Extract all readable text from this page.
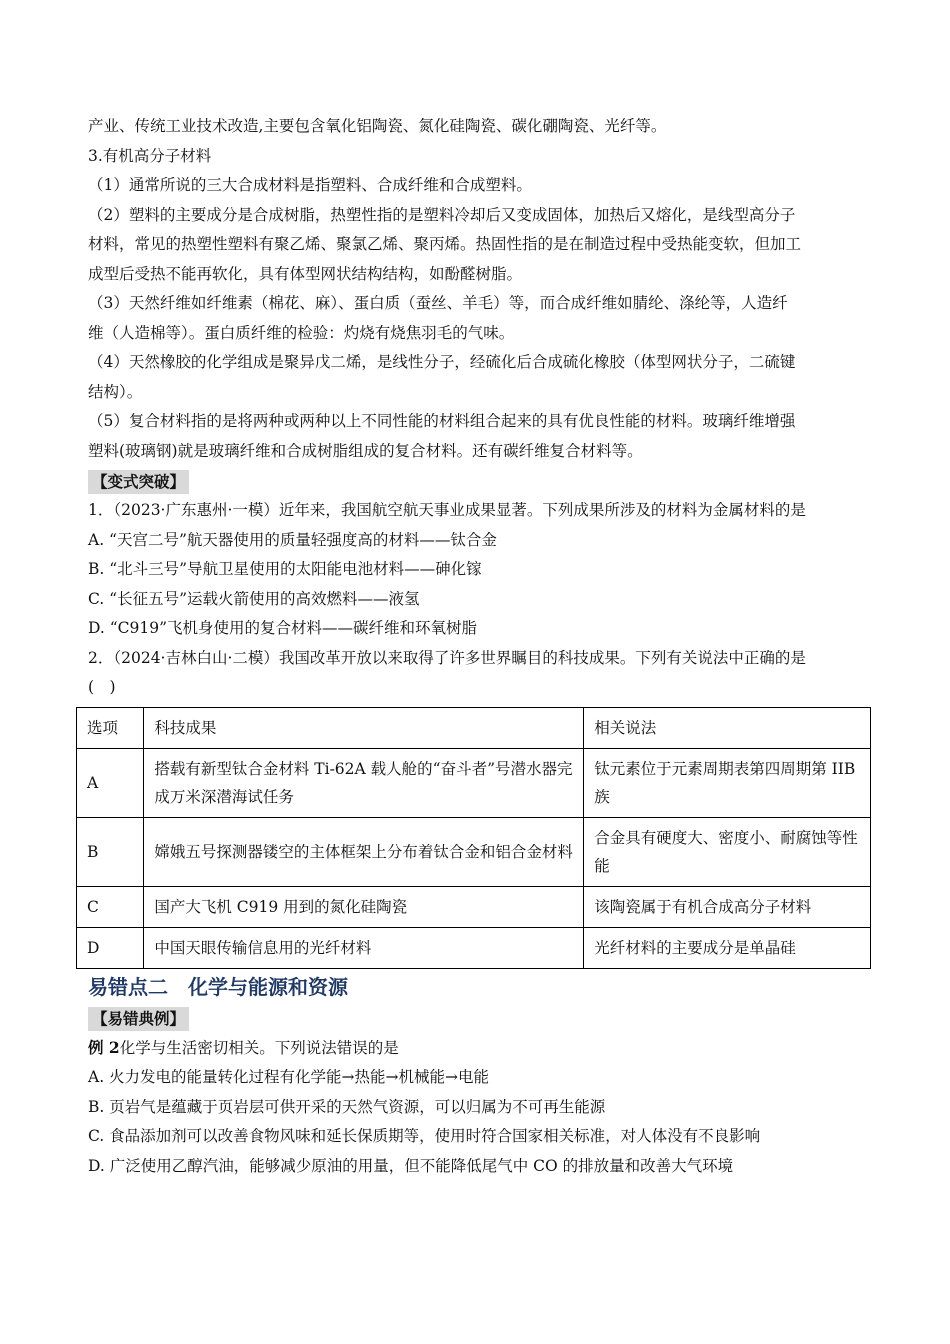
产业、传统工业技术改造,主要包含氧化铝陶瓷、氮化硅陶瓷、碳化硼陶瓷、光纤等。

3.有机高分子材料

（1）通常所说的三大合成材料是指塑料、合成纤维和合成塑料。

（2）塑料的主要成分是合成树脂，热塑性指的是塑料冷却后又变成固体，加热后又熔化，是线型高分子

材料，常见的热塑性塑料有聚乙烯、聚氯乙烯、聚丙烯。热固性指的是在制造过程中受热能变软，但加工

成型后受热不能再软化，具有体型网状结构结构，如酚醛树脂。

（3）天然纤维如纤维素（棉花、麻）、蛋白质（蚕丝、羊毛）等，而合成纤维如腈纶、涤纶等，人造纤

维（人造棉等）。蛋白质纤维的检验：灼烧有烧焦羽毛的气味。

（4）天然橡胶的化学组成是聚异戊二烯，是线性分子，经硫化后合成硫化橡胶（体型网状分子，二硫键

结构）。

（5）复合材料指的是将两种或两种以上不同性能的材料组合起来的具有优良性能的材料。玻璃纤维增强

塑料(玻璃钢)就是玻璃纤维和合成树脂组成的复合材料。还有碳纤维复合材料等。

【变式突破】

1．（2023·广东惠州·一模）近年来，我国航空航天事业成果显著。下列成果所涉及的材料为金属材料的是

A. “天宫二号”航天器使用的质量轻强度高的材料——钛合金

B. “北斗三号”导航卫星使用的太阳能电池材料——砷化镓

C. “长征五号”运载火箭使用的高效燃料——液氢

D. “C919”飞机身使用的复合材料——碳纤维和环氧树脂

2．（2024·吉林白山·二模）我国改革开放以来取得了许多世界瞩目的科技成果。下列有关说法中正确的是

(　)

选项	科技成果	相关说法
A	搭载有新型钛合金材料 Ti-62A 载人舱的“奋斗者”号潜水器完成万米深潜海试任务	钛元素位于元素周期表第四周期第 IIB 族
B	嫦娥五号探测器镂空的主体框架上分布着钛合金和铝合金材料	合金具有硬度大、密度小、耐腐蚀等性能
C	国产大飞机 C919 用到的氮化硅陶瓷	该陶瓷属于有机合成高分子材料
D	中国天眼传输信息用的光纤材料	光纤材料的主要成分是单晶硅
易错点二　化学与能源和资源
【易错典例】

例 2化学与生活密切相关。下列说法错误的是

A. 火力发电的能量转化过程有化学能→热能→机械能→电能

B. 页岩气是蕴藏于页岩层可供开采的天然气资源，可以归属为不可再生能源

C. 食品添加剂可以改善食物风味和延长保质期等，使用时符合国家相关标准，对人体没有不良影响

D. 广泛使用乙醇汽油，能够减少原油的用量，但不能降低尾气中 CO 的排放量和改善大气环境
